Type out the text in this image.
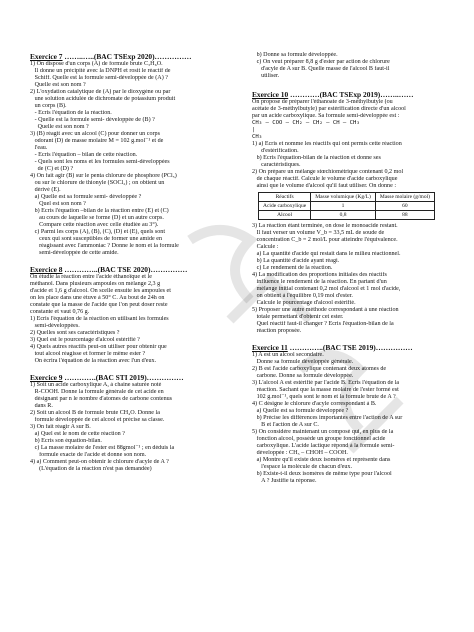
Exercice 7 ……..…..(BAC TSExp 2020)……………
1) On dispose d'un corps (A) de formule brute C₃H₆O.
Il donne un précipité avec la DNPH et rosit le réactif de
Schiff. Quelle est la formule semi-développée de (A) ?
Quelle est son nom ?
2) L'oxydation catalytique de (A) par le dioxygène ou par
une solution acidulée de dichromate de potassium produit
un corps (B).
- Ecris l'équation de la réaction.
- Quelle est la formule semi- développée de (B) ?
Quelle est son nom ?
3) (B) réagit avec un alcool (C) pour donner un corps
odorant (D) de masse molaire M = 102 g.mol⁻¹ et de
l'eau.
- Ecris l'équation – bilan de cette réaction.
- Quels sont les noms et les formules semi-développées
de (C) et (D) ?
4) On fait agir (B) sur le penta chlorure de phosphore (PCl₅)
ou sur le chlorure de thionyle (SOCl₂) ; on obtient un
dérivé (E).
a) Quelle est sa formule semi- développée ?
Quel est son nom ?
b) Ecris l'équation –bilan de la réaction entre (E) et (C)
au cours de laquelle se forme (D) et un autre corps.
Compare cette réaction avec celle étudiée au 3°).
c) Parmi les corps (A), (B), (C), (D) et (E), quels sont
ceux qui sont susceptibles de former une amide en
réagissant avec l'ammoniac ? Donne le nom et la formule
semi-développée de cette amide.
Exercice 8 …………..(BAC TSE 2020)……………
On étudie la réaction entre l'acide éthanoïque et le
méthanol. Dans plusieurs ampoules on mélange 2,3 g
d'acide et 1,6 g d'alcool. On scelle ensuite les ampoules et
on les place dans une étuve à 50° C. Au bout de 24h on
constate que la masse de l'acide que l'on peut doser reste
constante et vaut 0,76 g.
1) Ecris l'équation de la réaction en utilisant les formules
semi-développées.
2) Quelles sont ses caractéristiques ?
3) Quel est le pourcentage d'alcool estérifié ?
4) Quels autres réactifs peut-on utiliser pour obtenir que
tout alcool réagisse et former le même ester ?
On écrira l'équation de la réaction avec l'un d'eux.
Exercice 9 ………….(BAC STI 2019)……………
1) Soit un acide carboxylique A, à chaine saturée noté
R-COOH. Donne la formule générale de cet acide en
désignant par n le nombre d'atomes de carbone contenus
dans R.
2) Soit un alcool B de formule brute CH₄O. Donne la
formule développée de cet alcool et précise sa classe.
3) On fait réagir A sur B.
a) Quel est le nom de cette réaction ?
b) Ecris son équation-bilan.
c) La masse molaire de l'ester est 88gmol⁻¹ ; en déduis la
formule exacte de l'acide et donne son nom.
4) a) Comment peut-on obtenir le chlorure d'acyle de A ?
(L'équation de la réaction n'est pas demandée)
b) Donne sa formule développée.
c) On veut préparer 8,8 g d'ester par action de chlorure
d'acyle de A sur B. Quelle masse de l'alcool B faut-il
utiliser.
Exercice 10 …………(BAC TSExp 2019)……..……
On propose de préparer l'éthanoate de 3-méthylbutyle (ou
acétate de 3-méthylbutyle) par estérification directe d'un alcool
par un acide carboxylique. Sa formule semi-développée est :
CH₃ – COO – CH₂ – CH₂ – CH – CH₃
|
CH₃
1) a) Ecris et nomme les réactifs qui ont permis cette réaction
d'estérification.
b) Ecris l'équation-bilan de la réaction et donne ses
caractéristiques.
2) On prépare un mélange stœchiométrique contenant 0,2 mol
de chaque réactif. Calcule le volume d'acide carboxylique
ainsi que le volume d'alcool qu'il faut utiliser. On donne :
Réactifs	Masse volumique (Kg/L)	Masse molaire (g/mol)
Acide carboxylique	1	60
Alcool	0,8	88
3) La réaction étant terminée, on dose le monoacide restant.
Il faut verser un volume V_b = 33,5 mL de soude de
concentration C_b = 2 mol/L pour atteindre l'équivalence.
Calcule :
a) La quantité d'acide qui restait dans le milieu réactionnel.
b) La quantité d'acide ayant réagi.
c) Le rendement de la réaction.
4) La modification des proportions initiales des réactifs
influence le rendement de la réaction. En partant d'un
mélange initial contenant 0,2 mol d'alcool et 1 mol d'acide,
on obtient à l'équilibre 0,19 mol d'ester.
Calcule le pourcentage d'alcool estérifié.
5) Proposer une autre méthode correspondant à une réaction
totale permettant d'obtenir cet ester.
Quel réactif faut-il changer ? Ecris l'équation-bilan de la
réaction proposée.
Exercice 11 …………..(BAC TSE 2019)……………
1) A est un alcool secondaire.
Donne sa formule développée générale.
2) B est l'acide carboxylique contenant deux atomes de
carbone. Donne sa formule développée.
3) L'alcool A est estérifié par l'acide B. Ecris l'équation de la
réaction. Sachant que la masse molaire de l'ester formé est
102 g.mol⁻¹, quels sont le nom et la formule brute de A ?
4) C désigne le chlorure d'acyle correspondant à B.
a) Quelle est sa formule développée ?
b) Précise les différences importantes entre l'action de A sur
B et l'action de A sur C.
5) On considère maintenant un composé qui, en plus de la
fonction alcool, possède un groupe fonctionnel acide
carboxylique. L'acide lactique répond à la formule semi-
développée : CH₃ – CHOH – COOH.
a) Montre qu'il existe deux isomères et représente dans
l'espace la molécule de chacun d'eux.
b) Existe-t-il deux isomères de même type pour l'alcool
A ? Justifie ta réponse.
